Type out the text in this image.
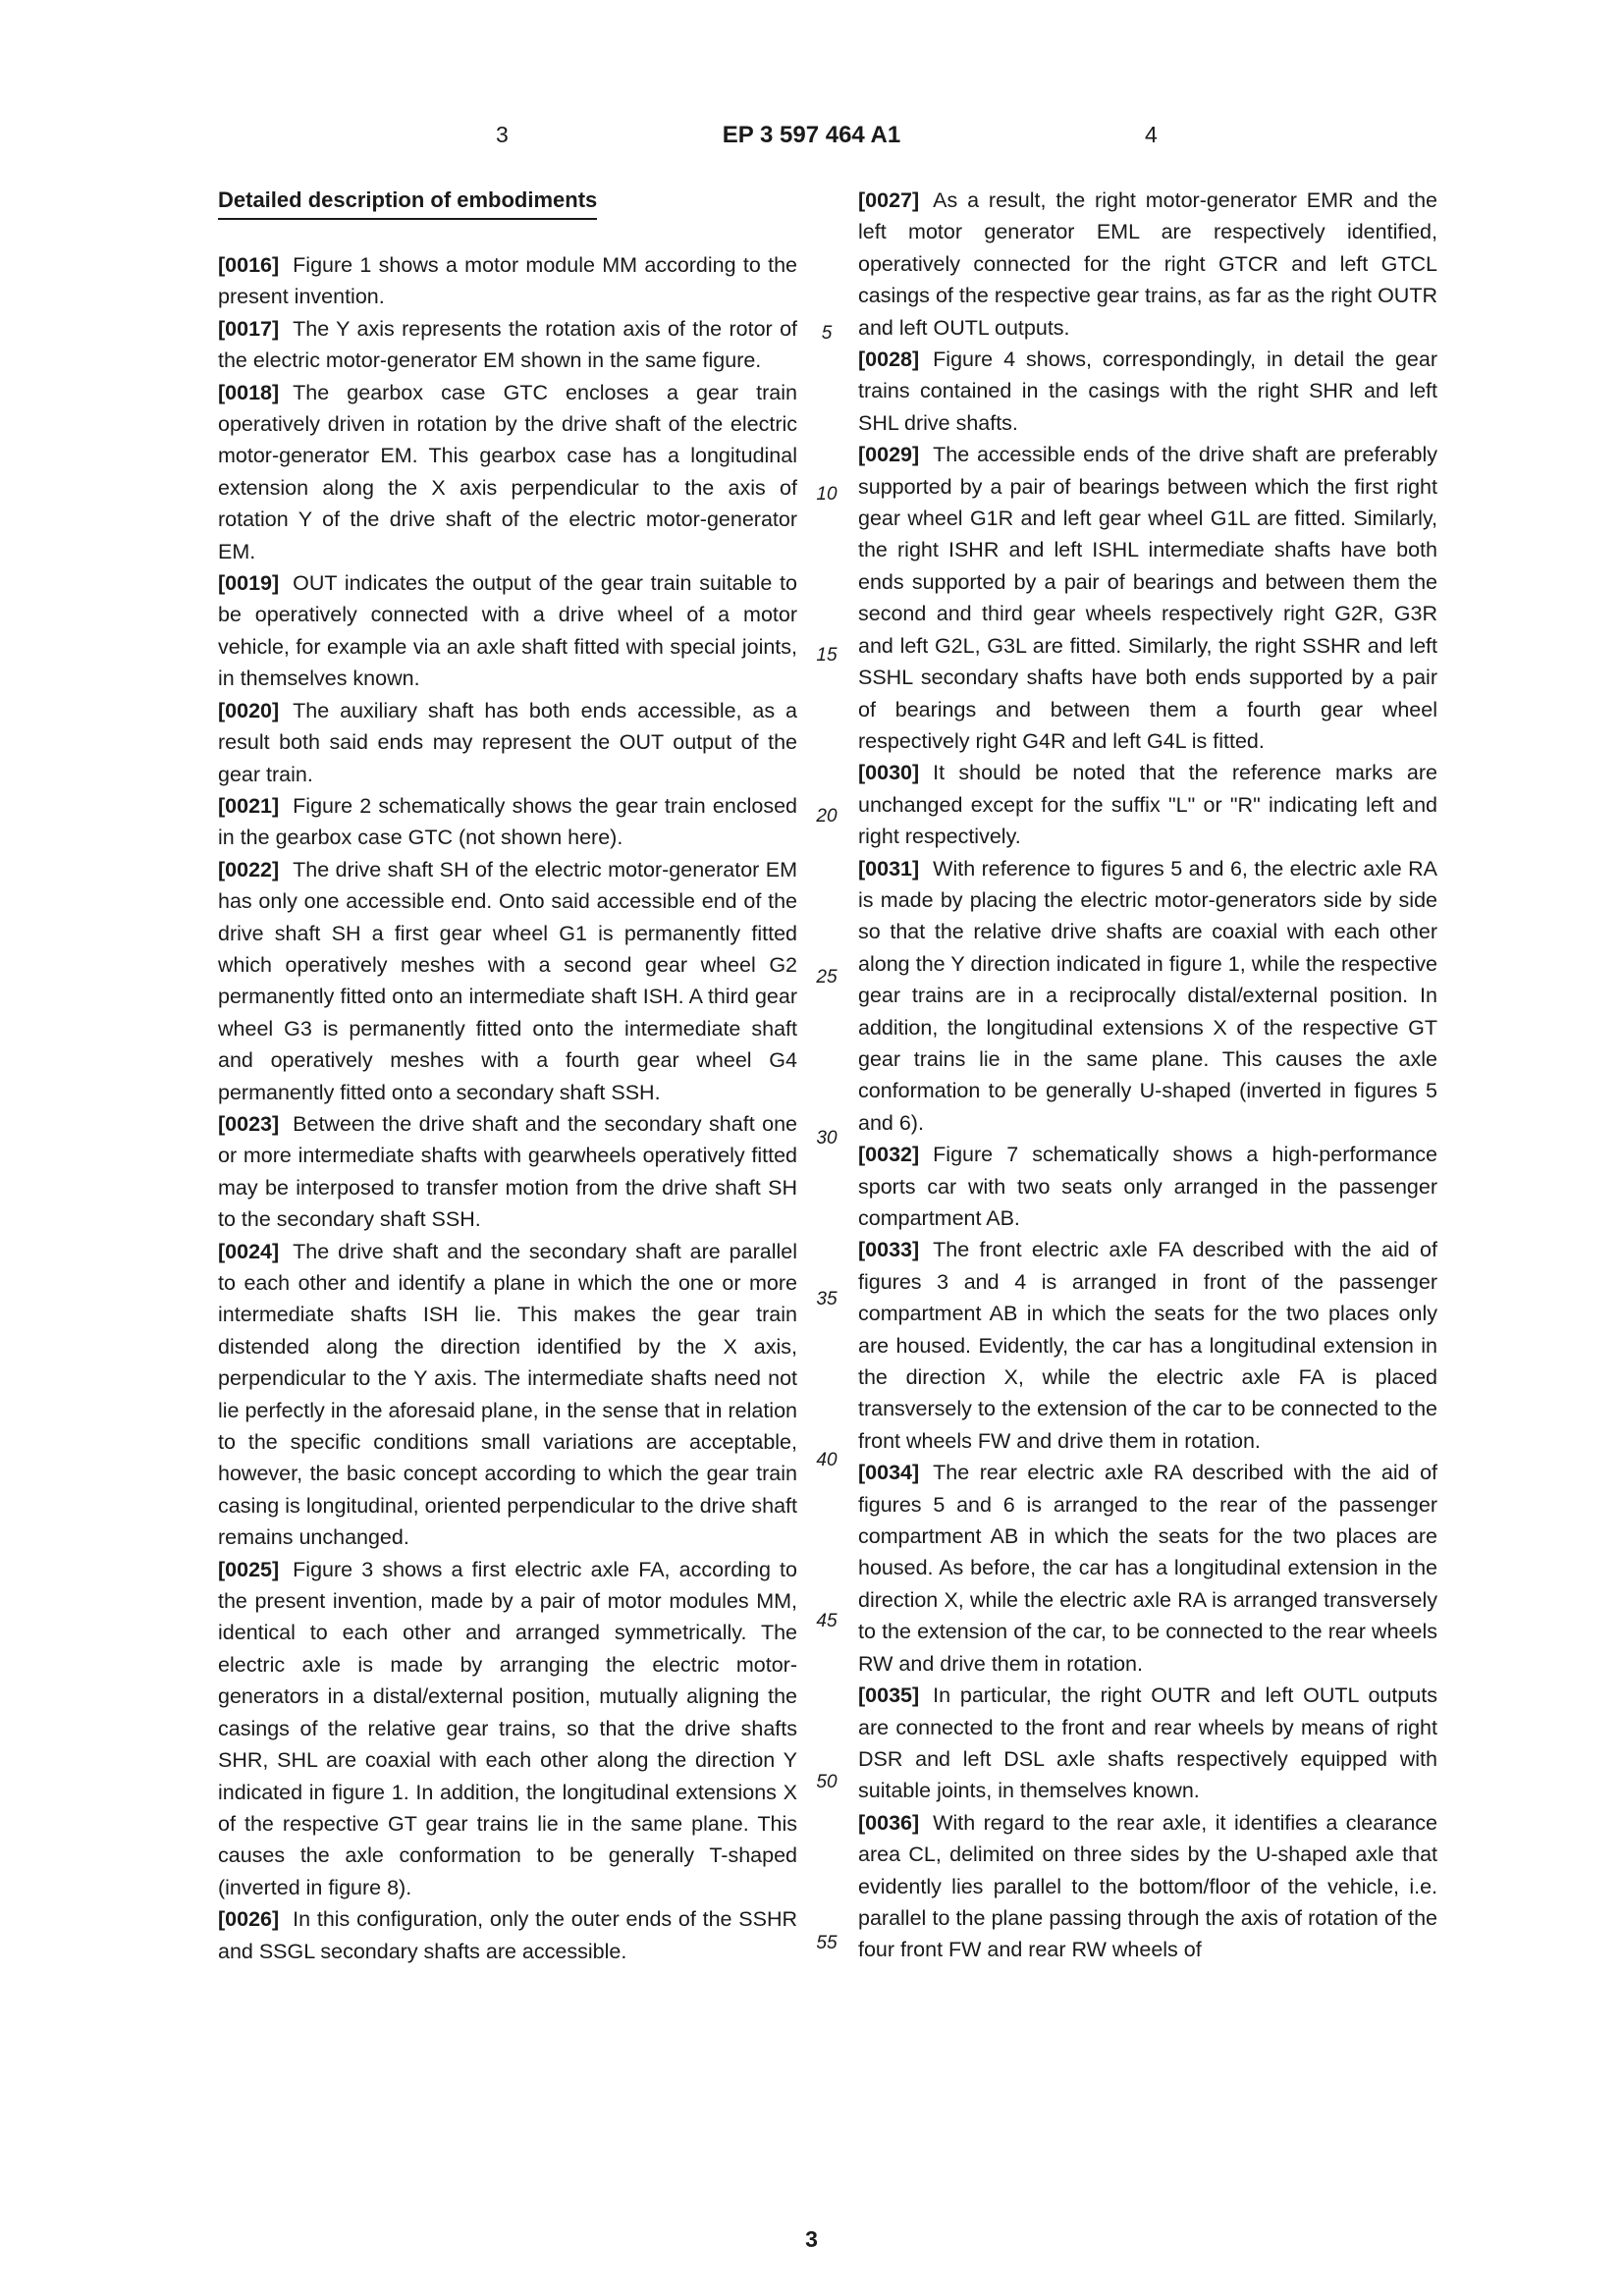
3	EP 3 597 464 A1	4
Detailed description of embodiments

[0016] Figure 1 shows a motor module MM according to the present invention.

[0017] The Y axis represents the rotation axis of the rotor of the electric motor-generator EM shown in the same figure.

[0018] The gearbox case GTC encloses a gear train operatively driven in rotation by the drive shaft of the electric motor-generator EM. This gearbox case has a longitudinal extension along the X axis perpendicular to the axis of rotation Y of the drive shaft of the electric motor-generator EM.

[0019] OUT indicates the output of the gear train suitable to be operatively connected with a drive wheel of a motor vehicle, for example via an axle shaft fitted with special joints, in themselves known.

[0020] The auxiliary shaft has both ends accessible, as a result both said ends may represent the OUT output of the gear train.

[0021] Figure 2 schematically shows the gear train enclosed in the gearbox case GTC (not shown here).

[0022] The drive shaft SH of the electric motor-generator EM has only one accessible end. Onto said accessible end of the drive shaft SH a first gear wheel G1 is permanently fitted which operatively meshes with a second gear wheel G2 permanently fitted onto an intermediate shaft ISH. A third gear wheel G3 is permanently fitted onto the intermediate shaft and operatively meshes with a fourth gear wheel G4 permanently fitted onto a secondary shaft SSH.

[0023] Between the drive shaft and the secondary shaft one or more intermediate shafts with gearwheels operatively fitted may be interposed to transfer motion from the drive shaft SH to the secondary shaft SSH.

[0024] The drive shaft and the secondary shaft are parallel to each other and identify a plane in which the one or more intermediate shafts ISH lie. This makes the gear train distended along the direction identified by the X axis, perpendicular to the Y axis. The intermediate shafts need not lie perfectly in the aforesaid plane, in the sense that in relation to the specific conditions small variations are acceptable, however, the basic concept according to which the gear train casing is longitudinal, oriented perpendicular to the drive shaft remains unchanged.

[0025] Figure 3 shows a first electric axle FA, according to the present invention, made by a pair of motor modules MM, identical to each other and arranged symmetrically. The electric axle is made by arranging the electric motor-generators in a distal/external position, mutually aligning the casings of the relative gear trains, so that the drive shafts SHR, SHL are coaxial with each other along the direction Y indicated in figure 1. In addition, the longitudinal extensions X of the respective GT gear trains lie in the same plane. This causes the axle conformation to be generally T-shaped (inverted in figure 8).

[0026] In this configuration, only the outer ends of the SSHR and SSGL secondary shafts are accessible.

[0027] As a result, the right motor-generator EMR and the left motor generator EML are respectively identified, operatively connected for the right GTCR and left GTCL casings of the respective gear trains, as far as the right OUTR and left OUTL outputs.

[0028] Figure 4 shows, correspondingly, in detail the gear trains contained in the casings with the right SHR and left SHL drive shafts.

[0029] The accessible ends of the drive shaft are preferably supported by a pair of bearings between which the first right gear wheel G1R and left gear wheel G1L are fitted. Similarly, the right ISHR and left ISHL intermediate shafts have both ends supported by a pair of bearings and between them the second and third gear wheels respectively right G2R, G3R and left G2L, G3L are fitted. Similarly, the right SSHR and left SSHL secondary shafts have both ends supported by a pair of bearings and between them a fourth gear wheel respectively right G4R and left G4L is fitted.

[0030] It should be noted that the reference marks are unchanged except for the suffix "L" or "R" indicating left and right respectively.

[0031] With reference to figures 5 and 6, the electric axle RA is made by placing the electric motor-generators side by side so that the relative drive shafts are coaxial with each other along the Y direction indicated in figure 1, while the respective gear trains are in a reciprocally distal/external position. In addition, the longitudinal extensions X of the respective GT gear trains lie in the same plane. This causes the axle conformation to be generally U-shaped (inverted in figures 5 and 6).

[0032] Figure 7 schematically shows a high-performance sports car with two seats only arranged in the passenger compartment AB.

[0033] The front electric axle FA described with the aid of figures 3 and 4 is arranged in front of the passenger compartment AB in which the seats for the two places only are housed. Evidently, the car has a longitudinal extension in the direction X, while the electric axle FA is placed transversely to the extension of the car to be connected to the front wheels FW and drive them in rotation.

[0034] The rear electric axle RA described with the aid of figures 5 and 6 is arranged to the rear of the passenger compartment AB in which the seats for the two places are housed. As before, the car has a longitudinal extension in the direction X, while the electric axle RA is arranged transversely to the extension of the car, to be connected to the rear wheels RW and drive them in rotation.

[0035] In particular, the right OUTR and left OUTL outputs are connected to the front and rear wheels by means of right DSR and left DSL axle shafts respectively equipped with suitable joints, in themselves known.

[0036] With regard to the rear axle, it identifies a clearance area CL, delimited on three sides by the U-shaped axle that evidently lies parallel to the bottom/floor of the vehicle, i.e. parallel to the plane passing through the axis of rotation of the four front FW and rear RW wheels of

5
10
15
20
25
30
35
40
45
50
55
3
